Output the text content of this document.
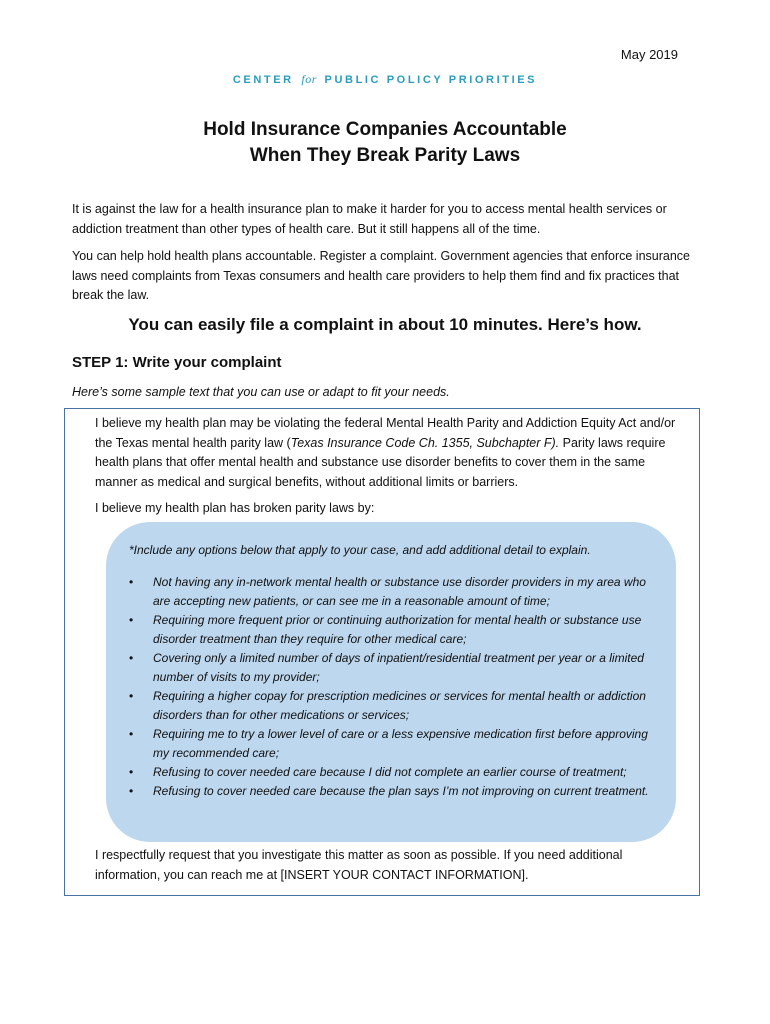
May 2019
CENTER for PUBLIC POLICY PRIORITIES
Hold Insurance Companies Accountable
When They Break Parity Laws

It is against the law for a health insurance plan to make it harder for you to access mental health services or addiction treatment than other types of health care. But it still happens all of the time.

You can help hold health plans accountable. Register a complaint. Government agencies that enforce insurance laws need complaints from Texas consumers and health care providers to help them find and fix practices that break the law.

You can easily file a complaint in about 10 minutes. Here’s how.
STEP 1: Write your complaint
Here’s some sample text that you can use or adapt to fit your needs.

I believe my health plan may be violating the federal Mental Health Parity and Addiction Equity Act and/or the Texas mental health parity law (Texas Insurance Code Ch. 1355, Subchapter F). Parity laws require health plans that offer mental health and substance use disorder benefits to cover them in the same manner as medical and surgical benefits, without additional limits or barriers.

I believe my health plan has broken parity laws by:

*Include any options below that apply to your case, and add additional detail to explain.
• Not having any in-network mental health or substance use disorder providers in my area who are accepting new patients, or can see me in a reasonable amount of time;
• Requiring more frequent prior or continuing authorization for mental health or substance use disorder treatment than they require for other medical care;
• Covering only a limited number of days of inpatient/residential treatment per year or a limited number of visits to my provider;
• Requiring a higher copay for prescription medicines or services for mental health or addiction disorders than for other medications or services;
• Requiring me to try a lower level of care or a less expensive medication first before approving my recommended care;
• Refusing to cover needed care because I did not complete an earlier course of treatment;
• Refusing to cover needed care because the plan says I’m not improving on current treatment.

I respectfully request that you investigate this matter as soon as possible. If you need additional information, you can reach me at [INSERT YOUR CONTACT INFORMATION].
